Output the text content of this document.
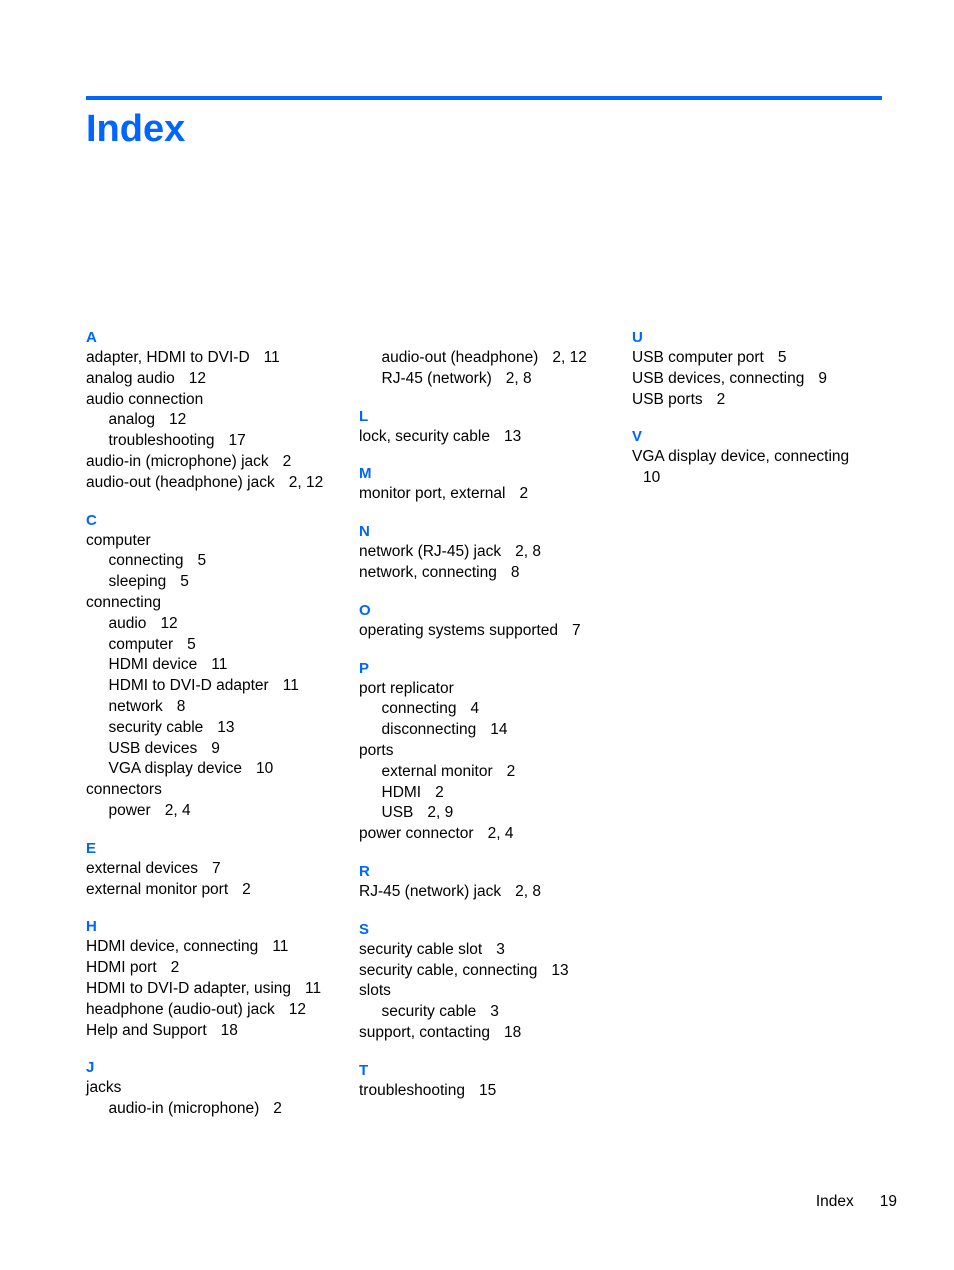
Index
A
adapter, HDMI to DVI-D 11
analog audio 12
audio connection
analog 12
troubleshooting 17
audio-in (microphone) jack 2
audio-out (headphone) jack 2, 12
C
computer
connecting 5
sleeping 5
connecting
audio 12
computer 5
HDMI device 11
HDMI to DVI-D adapter 11
network 8
security cable 13
USB devices 9
VGA display device 10
connectors
power 2, 4
E
external devices 7
external monitor port 2
H
HDMI device, connecting 11
HDMI port 2
HDMI to DVI-D adapter, using 11
headphone (audio-out) jack 12
Help and Support 18
J
jacks
audio-in (microphone) 2
audio-out (headphone) 2, 12
RJ-45 (network) 2, 8
L
lock, security cable 13
M
monitor port, external 2
N
network (RJ-45) jack 2, 8
network, connecting 8
O
operating systems supported 7
P
port replicator
connecting 4
disconnecting 14
ports
external monitor 2
HDMI 2
USB 2, 9
power connector 2, 4
R
RJ-45 (network) jack 2, 8
S
security cable slot 3
security cable, connecting 13
slots
security cable 3
support, contacting 18
T
troubleshooting 15
U
USB computer port 5
USB devices, connecting 9
USB ports 2
V
VGA display device, connecting
10
Index 19
